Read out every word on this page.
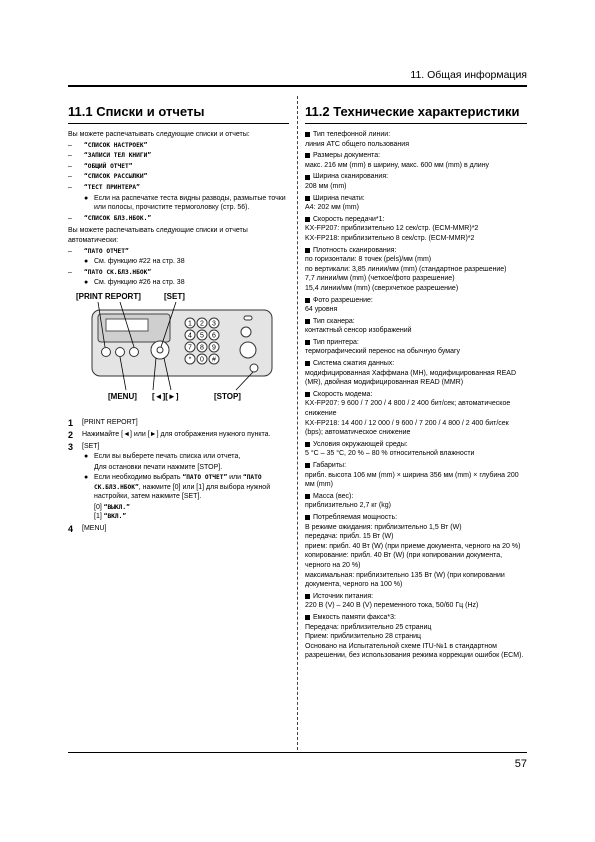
11. Общая информация
11.1 Списки и отчеты
Вы можете распечатывать следующие списки и отчеты:
–	“СПИСОК НАСТРОЕК”
–	“ЗАПИСИ ТЕЛ КНИГИ”
–	“ОБЩИЙ ОТЧЕТ”
–	“СПИСОК РАССЫЛКИ”
–	“ТЕСТ ПРИНТЕРА”
● Если на распечатке теста видны разводы, размытые точки или полосы, прочистите термоголовку (стр. 56).
–	“СПИСОК БЛЗ.НБОК.”
Вы можете распечатывать следующие списки и отчеты автоматически:
–	“ПАТО ОТЧЕТ”
● См. функцию #22 на стр. 38
–	“ПАТО СК.БЛЗ.НБОК”
● См. функцию #26 на стр. 38
[PRINT REPORT]	[SET]
1 2 3
4 5 6
7 8 9
* 0 #
[MENU] [◄][►]	[STOP]
1	[PRINT REPORT]
2	Нажимайте [◄] или [►] для отображения нужного пункта.
3	[SET]
● Если вы выберете печать списка или отчета,
Для остановки печати нажмите [STOP].
● Если необходимо выбрать “ПАТО ОТЧЕТ” или “ПАТО СК.БЛЗ.НБОК”, нажмите [0] или [1] для выбора нужной настройки, затем нажмите [SET].
[0] “ВЫКЛ.”
[1] “ВКЛ.”
4	[MENU]
11.2 Технические характеристики
Тип телефонной линии:
линия АТС общего пользования
Размеры документа:
макс. 216 мм (mm) в ширину, макс. 600 мм (mm) в длину
Ширина сканирования:
208 мм (mm)
Ширина печати:
A4: 202 мм (mm)
Скорость передачи*1:
KX-FP207: приблизительно 12 сек/стр. (ECM-MMR)*2
KX-FP218: приблизительно 8 сек/стр. (ECM-MMR)*2
Плотность сканирования:
по горизонтали: 8 точек (pels)/мм (mm)
по вертикали: 3,85 линии/мм (mm) (стандартное разрешение)
7,7 линии/мм (mm) (четкое/фото разрешение)
15,4 линии/мм (mm) (сверхчеткое разрешение)
Фото разрешение:
64 уровня
Тип сканера:
контактный сенсор изображений
Тип принтера:
термографический перенос на обычную бумагу
Система сжатия данных:
модифицированная Хаффмана (MH), модифицированная READ (MR), двойная модифицированная READ (MMR)
Скорость модема:
KX-FP207: 9 600 / 7 200 / 4 800 / 2 400 бит/сек; автоматическое снижение
KX-FP218: 14 400 / 12 000 / 9 600 / 7 200 / 4 800 / 2 400 бит/сек (bps); автоматическое снижение
Условия окружающей среды:
5 °C – 35 °C, 20 % – 80 % относительной влажности
Габариты:
прибл. высота 106 мм (mm) × ширина 356 мм (mm) × глубина 200 мм (mm)
Масса (вес):
приблизительно 2,7 кг (kg)
Потребляемая мощность:
В режиме ожидания: приблизительно 1,5 Вт (W)
передача: прибл. 15 Вт (W)
прием: прибл. 40 Вт (W) (при приеме документа, черного на 20 %)
копирование: прибл. 40 Вт (W) (при копировании документа, черного на 20 %)
максимальная: приблизительно 135 Вт (W) (при копировании документа, черного на 100 %)
Источник питания:
220 В (V) – 240 В (V) переменного тока, 50/60 Гц (Hz)
Емкость памяти факса*3:
Передача: приблизительно 25 страниц
Прием: приблизительно 28 страниц
Основано на Испытательной схеме ITU-№1 в стандартном разрешении, без использования режима коррекции ошибок (ECM).
57
